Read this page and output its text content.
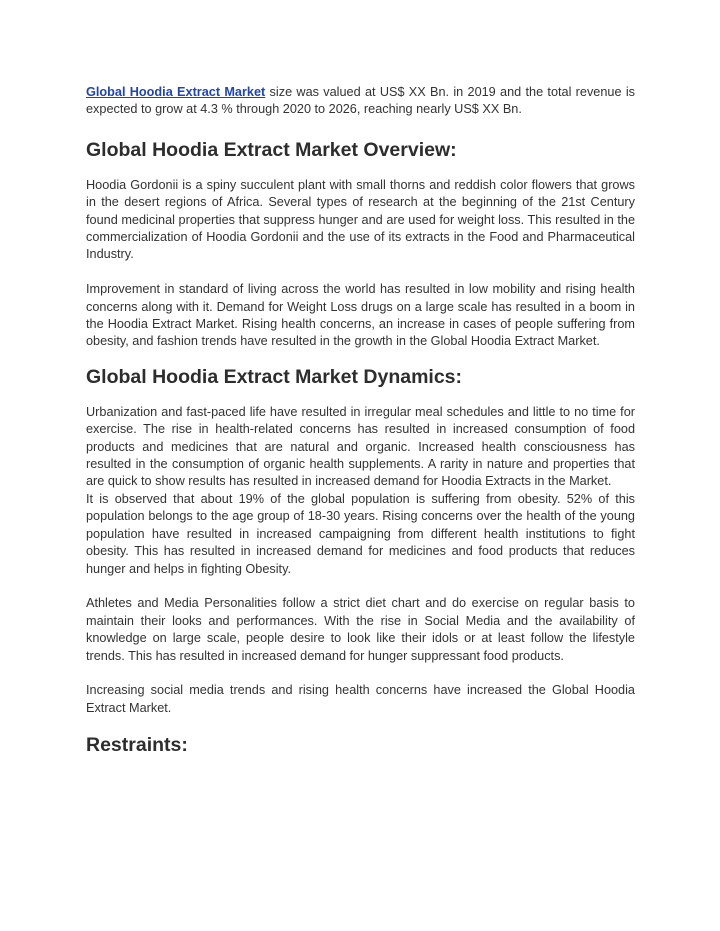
Global Hoodia Extract Market size was valued at US$ XX Bn. in 2019 and the total revenue is expected to grow at 4.3 % through 2020 to 2026, reaching nearly US$ XX Bn.

Global Hoodia Extract Market Overview:

Hoodia Gordonii is a spiny succulent plant with small thorns and reddish color flowers that grows in the desert regions of Africa. Several types of research at the beginning of the 21st Century found medicinal properties that suppress hunger and are used for weight loss. This resulted in the commercialization of Hoodia Gordonii and the use of its extracts in the Food and Pharmaceutical Industry.

Improvement in standard of living across the world has resulted in low mobility and rising health concerns along with it. Demand for Weight Loss drugs on a large scale has resulted in a boom in the Hoodia Extract Market. Rising health concerns, an increase in cases of people suffering from obesity, and fashion trends have resulted in the growth in the Global Hoodia Extract Market.

Global Hoodia Extract Market Dynamics:

Urbanization and fast-paced life have resulted in irregular meal schedules and little to no time for exercise. The rise in health-related concerns has resulted in increased consumption of food products and medicines that are natural and organic. Increased health consciousness has resulted in the consumption of organic health supplements. A rarity in nature and properties that are quick to show results has resulted in increased demand for Hoodia Extracts in the Market.

It is observed that about 19% of the global population is suffering from obesity. 52% of this population belongs to the age group of 18-30 years. Rising concerns over the health of the young population have resulted in increased campaigning from different health institutions to fight obesity. This has resulted in increased demand for medicines and food products that reduces hunger and helps in fighting Obesity.

Athletes and Media Personalities follow a strict diet chart and do exercise on regular basis to maintain their looks and performances. With the rise in Social Media and the availability of knowledge on large scale, people desire to look like their idols or at least follow the lifestyle trends. This has resulted in increased demand for hunger suppressant food products.

Increasing social media trends and rising health concerns have increased the Global Hoodia Extract Market.

Restraints:
